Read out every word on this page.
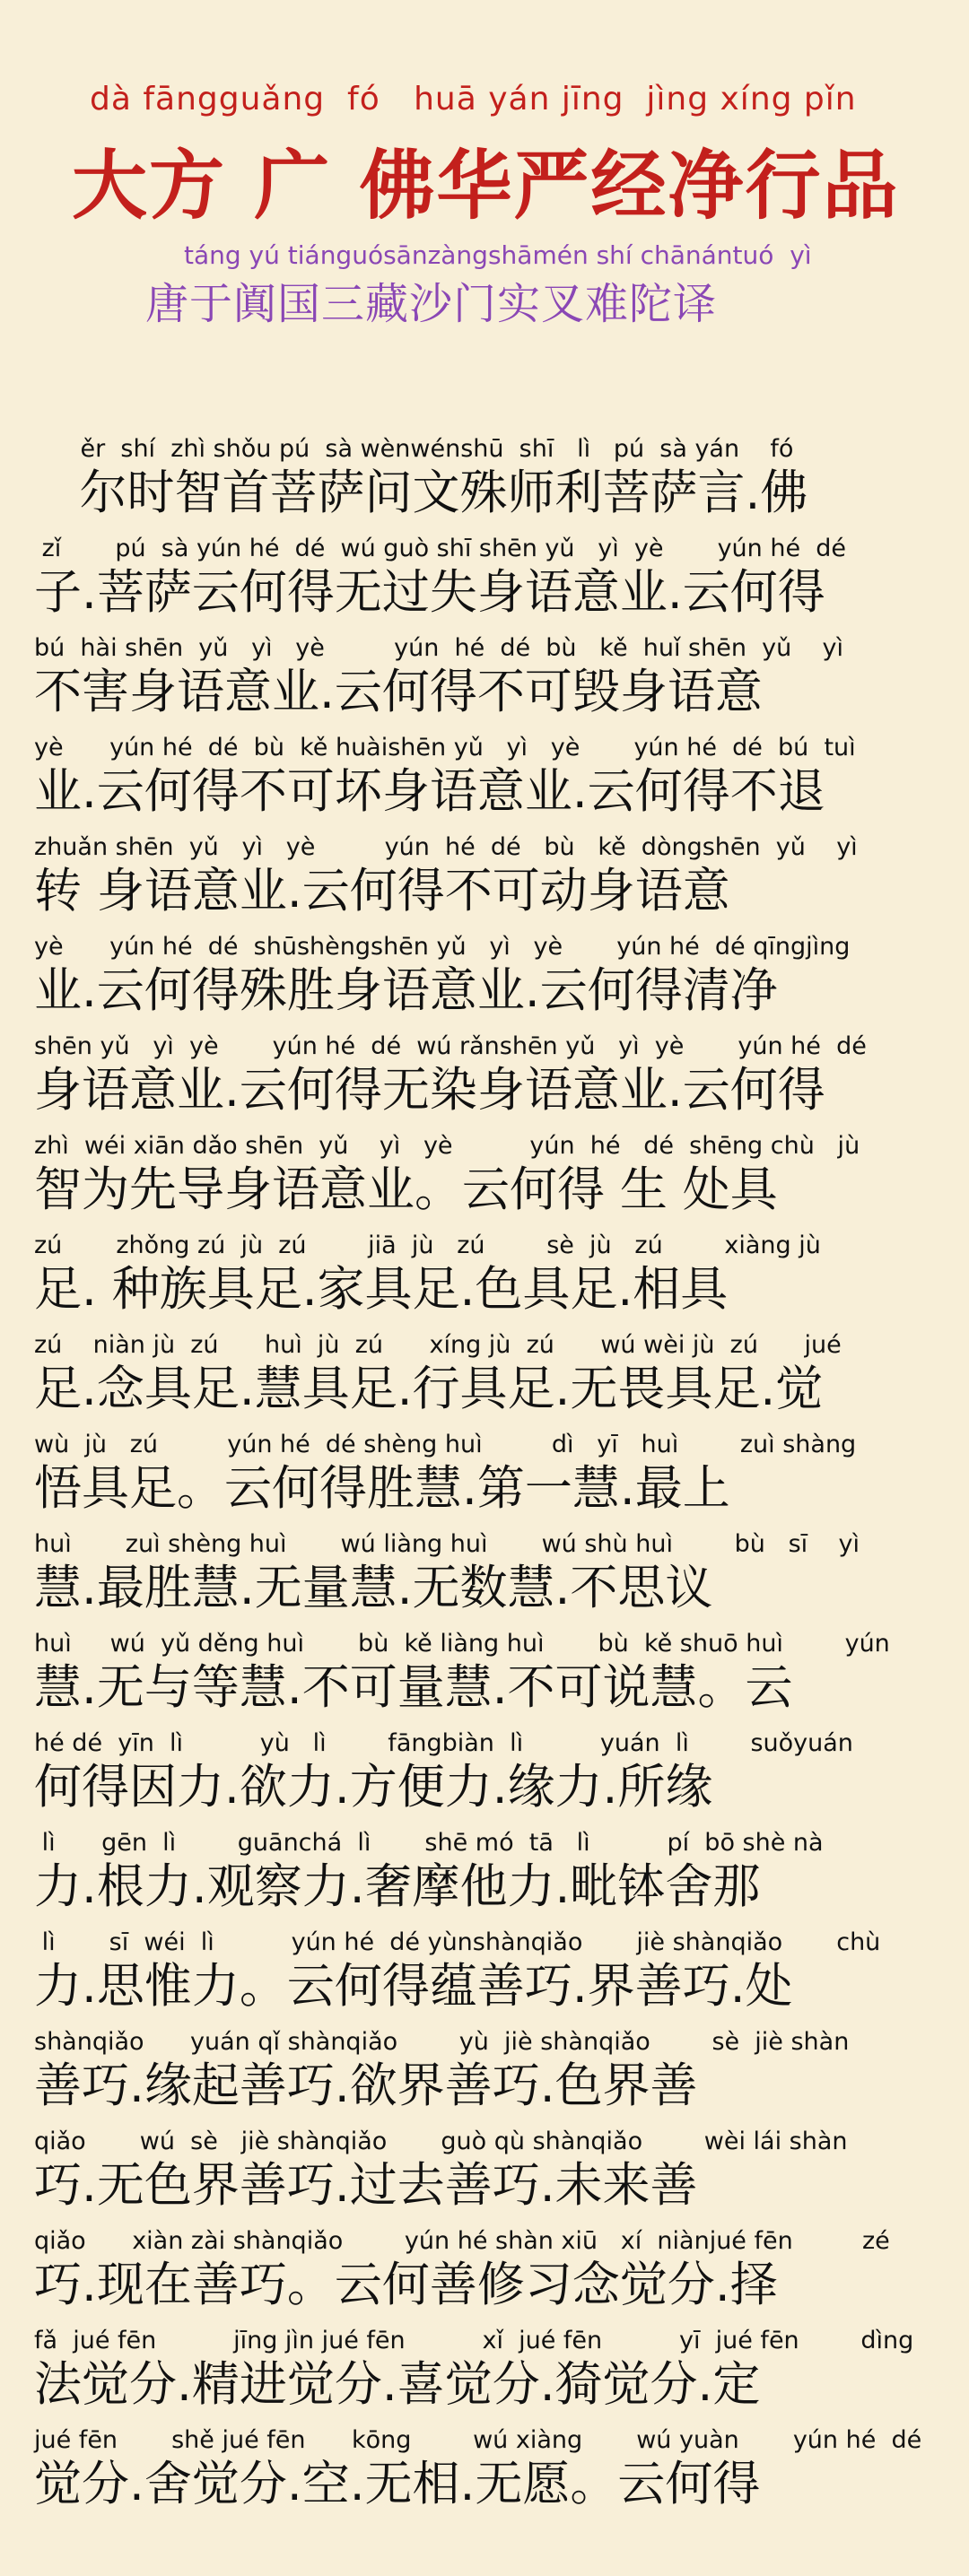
dà fāngguǎng  fó   huā yán jīng  jìng xíng pǐn
大方 广 佛华严经净行品
táng yú tiánguósānzàngshāmén shí chānántuó  yì
唐于阗国三藏沙门实叉难陀译
ěr  shí  zhì shǒu pú  sà wènwénshū  shī   lì   pú  sà yán    fó
尔时智首菩萨问文殊师利菩萨言.佛
zǐ       pú  sà yún hé  dé  wú guò shī shēn yǔ   yì  yè       yún hé  dé
子.菩萨云何得无过失身语意业.云何得
bú  hài shēn  yǔ   yì   yè         yún  hé  dé  bù   kě  huǐ shēn  yǔ    yì
不害身语意业.云何得不可毁身语意
yè      yún hé  dé  bù  kě huàishēn yǔ   yì   yè       yún hé  dé  bú  tuì
业.云何得不可坏身语意业.云何得不退
zhuǎn shēn  yǔ   yì   yè         yún  hé  dé   bù   kě  dòngshēn  yǔ    yì
转 身语意业.云何得不可动身语意
yè      yún hé  dé  shūshèngshēn yǔ   yì   yè       yún hé  dé qīngjìng
业.云何得殊胜身语意业.云何得清净
shēn yǔ   yì  yè       yún hé  dé  wú rǎnshēn yǔ   yì  yè       yún hé  dé
身语意业.云何得无染身语意业.云何得
zhì  wéi xiān dǎo shēn  yǔ    yì   yè          yún  hé   dé  shēng chù   jù
智为先导身语意业。云何得 生 处具
zú       zhǒng zú  jù  zú        jiā  jù   zú        sè  jù   zú        xiàng jù
足. 种族具足.家具足.色具足.相具
zú    niàn jù  zú      huì  jù  zú      xíng jù  zú      wú wèi jù  zú      jué
足.念具足.慧具足.行具足.无畏具足.觉
wù  jù   zú         yún hé  dé shèng huì         dì   yī   huì        zuì shàng
悟具足。云何得胜慧.第一慧.最上
huì       zuì shèng huì       wú liàng huì       wú shù huì        bù   sī    yì
慧.最胜慧.无量慧.无数慧.不思议
huì     wú  yǔ děng huì       bù  kě liàng huì       bù  kě shuō huì        yún
慧.无与等慧.不可量慧.不可说慧。云
hé dé  yīn  lì          yù   lì        fāngbiàn  lì          yuán  lì        suǒyuán
何得因力.欲力.方便力.缘力.所缘
lì      gēn  lì        guānchá  lì       shē mó  tā   lì          pí  bō shè nà
力.根力.观察力.奢摩他力.毗钵舍那
lì       sī  wéi  lì          yún hé  dé yùnshànqiǎo       jiè shànqiǎo       chù
力.思惟力。云何得蕴善巧.界善巧.处
shànqiǎo      yuán qǐ shànqiǎo        yù  jiè shànqiǎo        sè  jiè shàn
善巧.缘起善巧.欲界善巧.色界善
qiǎo       wú  sè   jiè shànqiǎo       guò qù shànqiǎo        wèi lái shàn
巧.无色界善巧.过去善巧.未来善
qiǎo      xiàn zài shànqiǎo        yún hé shàn xiū   xí  niànjué fēn         zé
巧.现在善巧。云何善修习念觉分.择
fǎ  jué fēn          jīng jìn jué fēn          xǐ  jué fēn          yī  jué fēn        dìng
法觉分.精进觉分.喜觉分.猗觉分.定
jué fēn       shě jué fēn      kōng        wú xiàng       wú yuàn       yún hé  dé
觉分.舍觉分.空.无相.无愿。云何得
